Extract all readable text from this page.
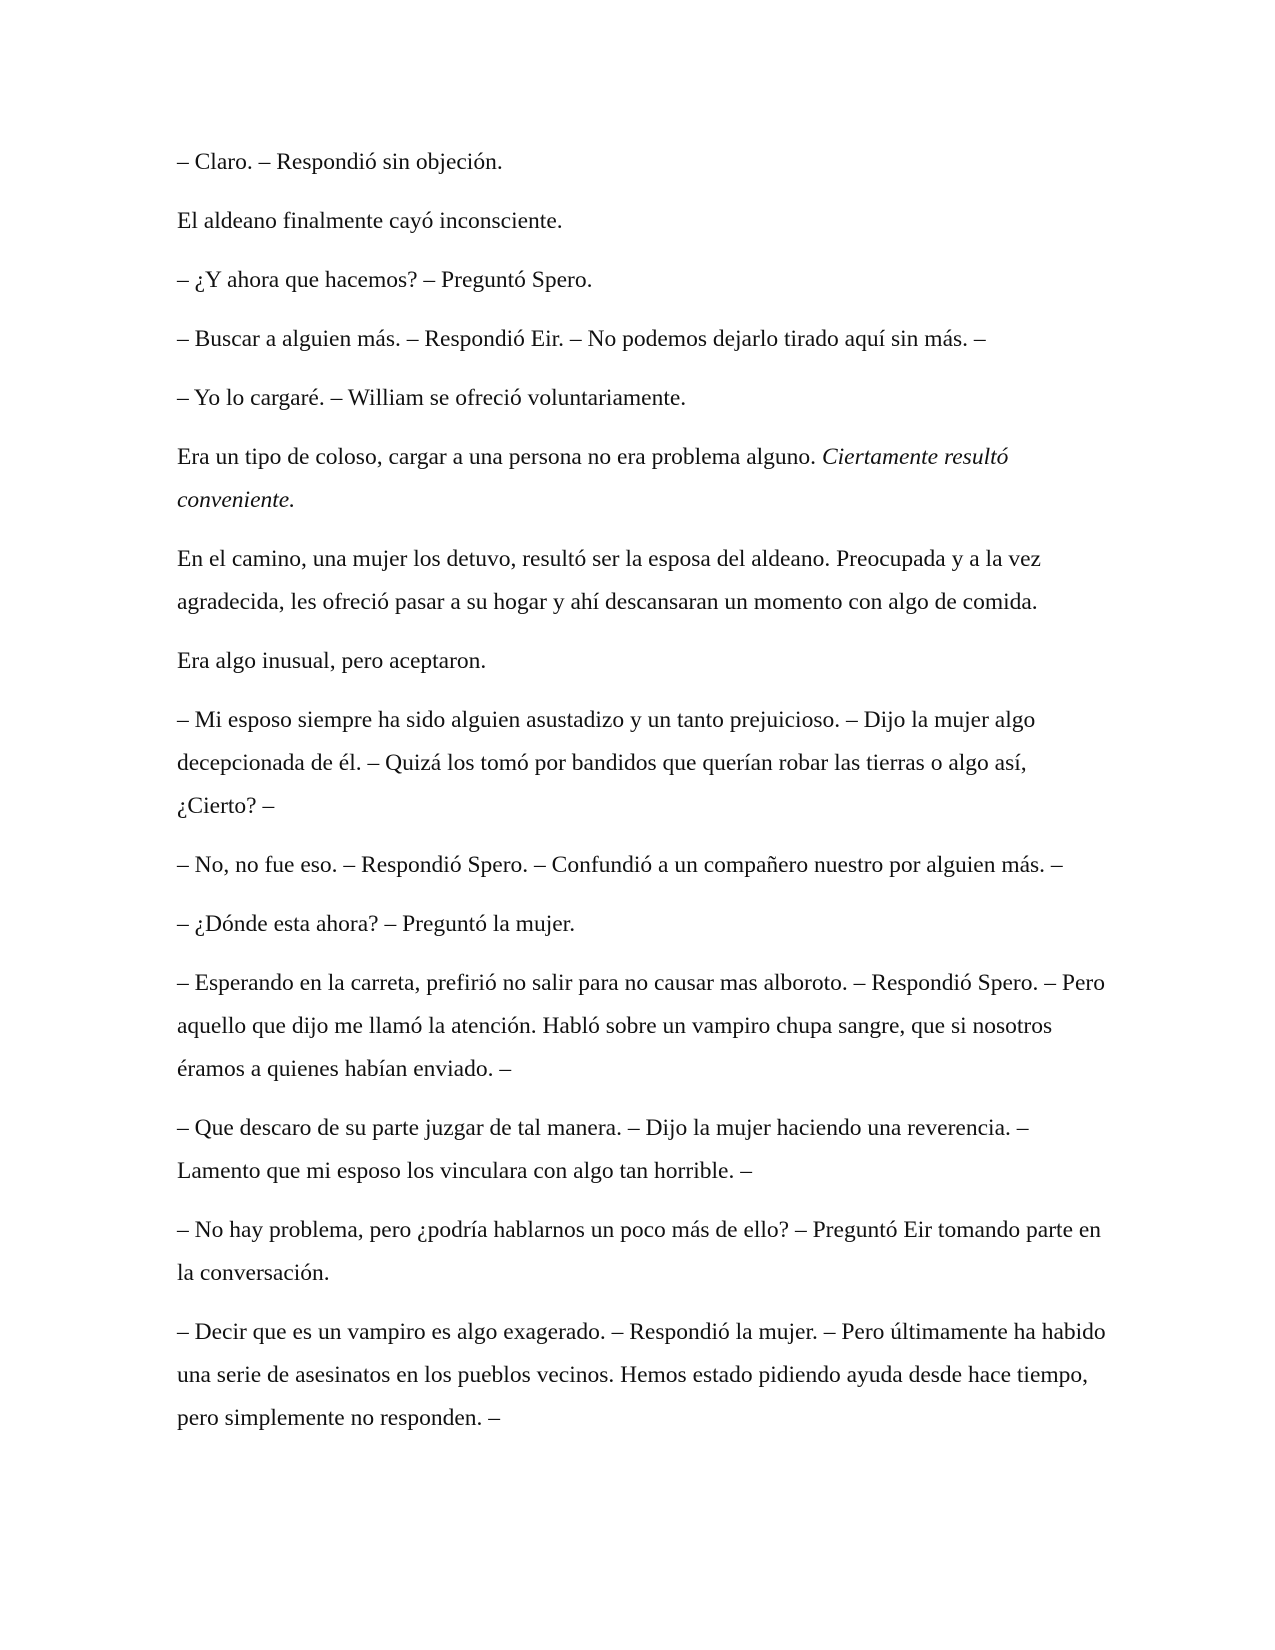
– Claro. – Respondió sin objeción.

El aldeano finalmente cayó inconsciente.

– ¿Y ahora que hacemos? – Preguntó Spero.

– Buscar a alguien más. – Respondió Eir. – No podemos dejarlo tirado aquí sin más. –

– Yo lo cargaré. – William se ofreció voluntariamente.

Era un tipo de coloso, cargar a una persona no era problema alguno. Ciertamente resultó conveniente.

En el camino, una mujer los detuvo, resultó ser la esposa del aldeano. Preocupada y a la vez agradecida, les ofreció pasar a su hogar y ahí descansaran un momento con algo de comida.

Era algo inusual, pero aceptaron.

– Mi esposo siempre ha sido alguien asustadizo y un tanto prejuicioso. – Dijo la mujer algo decepcionada de él. – Quizá los tomó por bandidos que querían robar las tierras o algo así, ¿Cierto? –

– No, no fue eso. – Respondió Spero. – Confundió a un compañero nuestro por alguien más. –

– ¿Dónde esta ahora? – Preguntó la mujer.

– Esperando en la carreta, prefirió no salir para no causar mas alboroto. – Respondió Spero. – Pero aquello que dijo me llamó la atención. Habló sobre un vampiro chupa sangre, que si nosotros éramos a quienes habían enviado. –

– Que descaro de su parte juzgar de tal manera. – Dijo la mujer haciendo una reverencia. – Lamento que mi esposo los vinculara con algo tan horrible. –

– No hay problema, pero ¿podría hablarnos un poco más de ello? – Preguntó Eir tomando parte en la conversación.

– Decir que es un vampiro es algo exagerado. – Respondió la mujer. – Pero últimamente ha habido una serie de asesinatos en los pueblos vecinos. Hemos estado pidiendo ayuda desde hace tiempo, pero simplemente no responden. –
